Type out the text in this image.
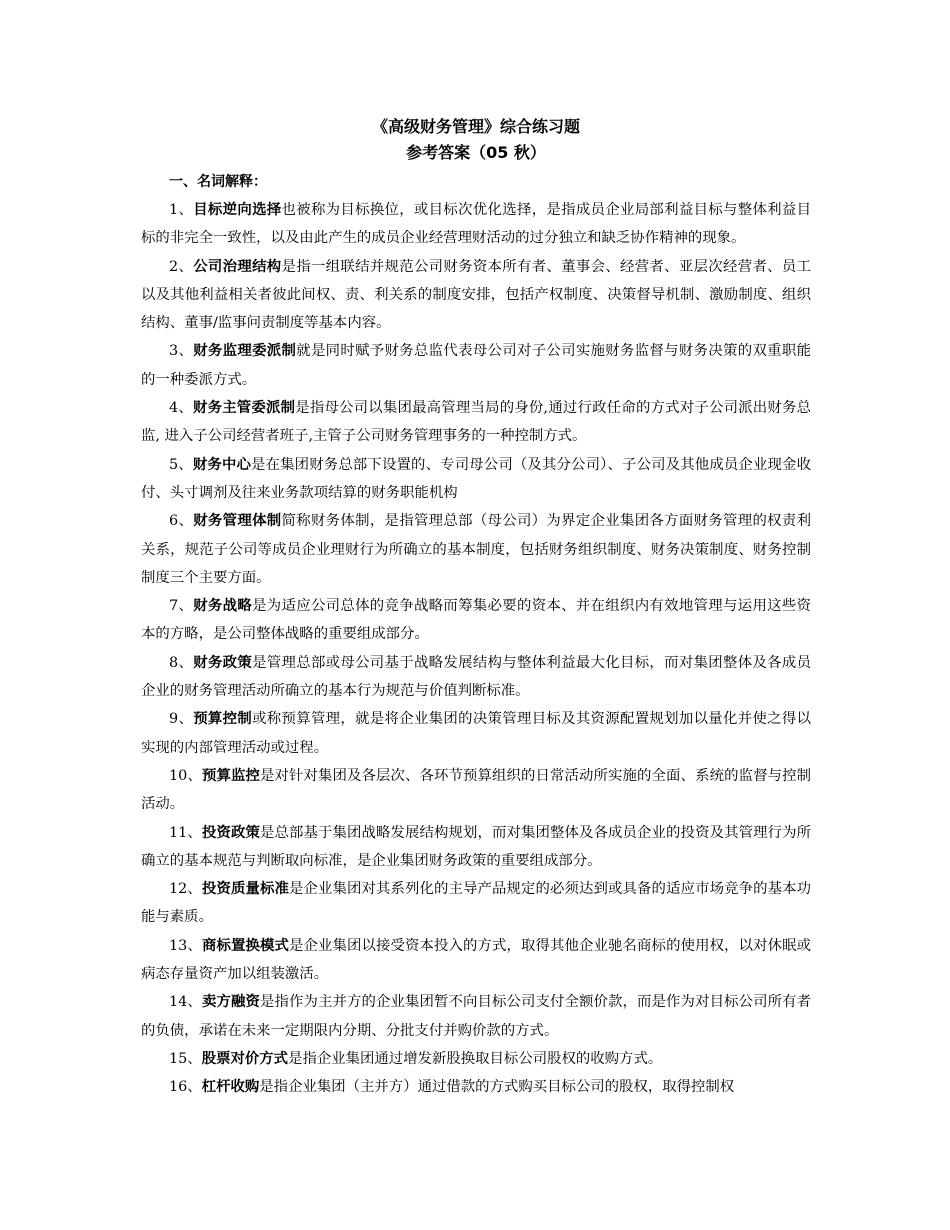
《高级财务管理》综合练习题
参考答案（05 秋）
一、名词解释：

1、目标逆向选择也被称为目标换位，或目标次优化选择，是指成员企业局部利益目标与整体利益目标的非完全一致性，以及由此产生的成员企业经营理财活动的过分独立和缺乏协作精神的现象。

2、公司治理结构是指一组联结并规范公司财务资本所有者、董事会、经营者、亚层次经营者、员工以及其他利益相关者彼此间权、责、利关系的制度安排，包括产权制度、决策督导机制、激励制度、组织结构、董事/监事问责制度等基本内容。

3、财务监理委派制就是同时赋予财务总监代表母公司对子公司实施财务监督与财务决策的双重职能的一种委派方式。

4、财务主管委派制是指母公司以集团最高管理当局的身份,通过行政任命的方式对子公司派出财务总监, 进入子公司经营者班子,主管子公司财务管理事务的一种控制方式。

5、财务中心是在集团财务总部下设置的、专司母公司（及其分公司）、子公司及其他成员企业现金收付、头寸调剂及往来业务款项结算的财务职能机构

6、财务管理体制简称财务体制，是指管理总部（母公司）为界定企业集团各方面财务管理的权责利关系，规范子公司等成员企业理财行为所确立的基本制度，包括财务组织制度、财务决策制度、财务控制制度三个主要方面。

7、财务战略是为适应公司总体的竞争战略而筹集必要的资本、并在组织内有效地管理与运用这些资本的方略，是公司整体战略的重要组成部分。

8、财务政策是管理总部或母公司基于战略发展结构与整体利益最大化目标，而对集团整体及各成员企业的财务管理活动所确立的基本行为规范与价值判断标准。

9、预算控制或称预算管理，就是将企业集团的决策管理目标及其资源配置规划加以量化并使之得以实现的内部管理活动或过程。

10、预算监控是对针对集团及各层次、各环节预算组织的日常活动所实施的全面、系统的监督与控制活动。

11、投资政策是总部基于集团战略发展结构规划，而对集团整体及各成员企业的投资及其管理行为所确立的基本规范与判断取向标准，是企业集团财务政策的重要组成部分。

12、投资质量标准是企业集团对其系列化的主导产品规定的必须达到或具备的适应市场竞争的基本功能与素质。

13、商标置换模式是企业集团以接受资本投入的方式，取得其他企业驰名商标的使用权，以对休眠或病态存量资产加以组装激活。

14、卖方融资是指作为主并方的企业集团暂不向目标公司支付全额价款，而是作为对目标公司所有者的负债，承诺在未来一定期限内分期、分批支付并购价款的方式。

15、股票对价方式是指企业集团通过增发新股换取目标公司股权的收购方式。

16、杠杆收购是指企业集团（主并方）通过借款的方式购买目标公司的股权，取得控制权
